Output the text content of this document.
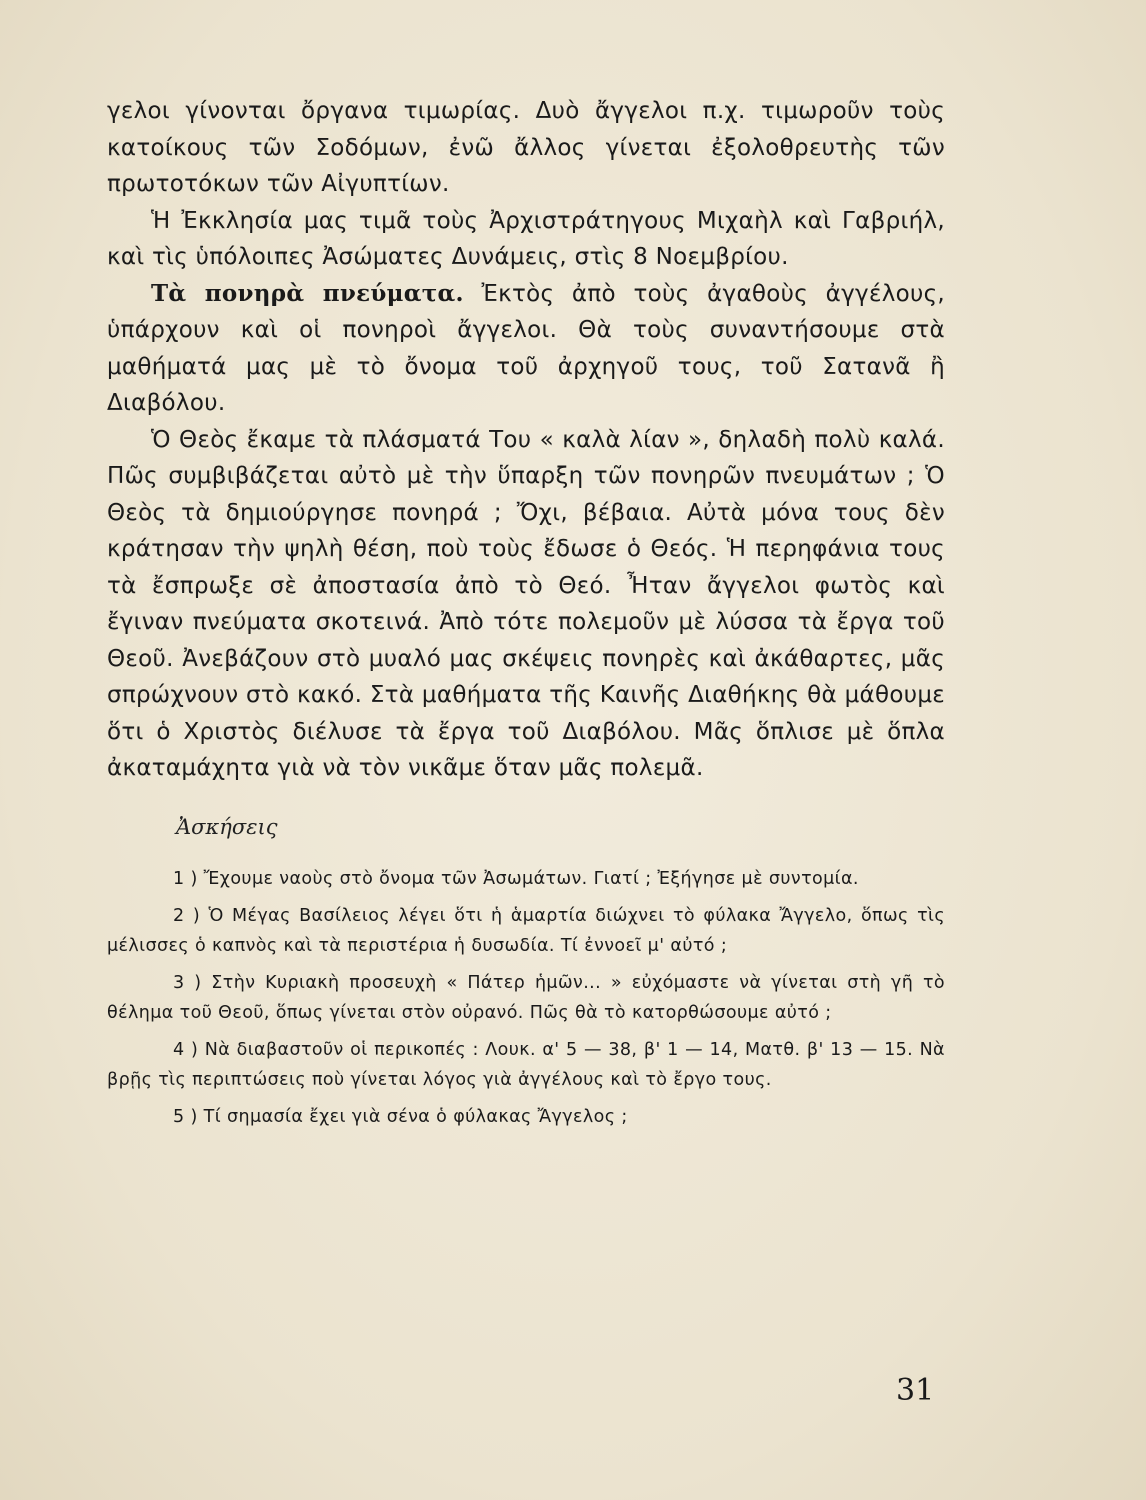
γελοι γίνονται ὄργανα τιμωρίας. Δυὸ ἄγγελοι π.χ. τιμωροῦν τοὺς κατοίκους τῶν Σοδόμων, ἐνῶ ἄλλος γίνεται ἐξολοθρευτὴς τῶν πρωτοτόκων τῶν Αἰγυπτίων.

Ἡ Ἐκκλησία μας τιμᾶ τοὺς Ἀρχιστράτηγους Μιχαὴλ καὶ Γαβριήλ, καὶ τὶς ὑπόλοιπες Ἀσώματες Δυνάμεις, στὶς 8 Νοεμβρίου.

Τὰ πονηρὰ πνεύματα. Ἐκτὸς ἀπὸ τοὺς ἀγαθοὺς ἀγγέλους, ὑπάρχουν καὶ οἱ πονηροὶ ἄγγελοι. Θὰ τοὺς συναντήσουμε στὰ μαθήματά μας μὲ τὸ ὄνομα τοῦ ἀρχηγοῦ τους, τοῦ Σατανᾶ ἢ Διαβόλου.

Ὁ Θεὸς ἔκαμε τὰ πλάσματά Του « καλὰ λίαν », δηλαδὴ πολὺ καλά. Πῶς συμβιβάζεται αὐτὸ μὲ τὴν ὕπαρξη τῶν πονηρῶν πνευμάτων ; Ὁ Θεὸς τὰ δημιούργησε πονηρά ; Ὄχι, βέβαια. Αὐτὰ μόνα τους δὲν κράτησαν τὴν ψηλὴ θέση, ποὺ τοὺς ἔδωσε ὁ Θεός. Ἡ περηφάνια τους τὰ ἔσπρωξε σὲ ἀποστασία ἀπὸ τὸ Θεό. Ἦταν ἄγγελοι φωτὸς καὶ ἔγιναν πνεύματα σκοτεινά. Ἀπὸ τότε πολεμοῦν μὲ λύσσα τὰ ἔργα τοῦ Θεοῦ. Ἀνεβάζουν στὸ μυαλό μας σκέψεις πονηρὲς καὶ ἀκάθαρτες, μᾶς σπρώχνουν στὸ κακό. Στὰ μαθήματα τῆς Καινῆς Διαθήκης θὰ μάθουμε ὅτι ὁ Χριστὸς διέλυσε τὰ ἔργα τοῦ Διαβόλου. Μᾶς ὅπλισε μὲ ὅπλα ἀκαταμάχητα γιὰ νὰ τὸν νικᾶμε ὅταν μᾶς πολεμᾶ.

Ἀσκήσεις

1 ) Ἔχουμε ναοὺς στὸ ὄνομα τῶν Ἀσωμάτων. Γιατί ; Ἐξήγησε μὲ συντομία.

2 ) Ὁ Μέγας Βασίλειος λέγει ὅτι ἡ ἁμαρτία διώχνει τὸ φύλακα Ἄγγελο, ὅπως τὶς μέλισσες ὁ καπνὸς καὶ τὰ περιστέρια ἡ δυσωδία. Τί ἐννοεῖ μ' αὐτό ;

3 ) Στὴν Κυριακὴ προσευχὴ « Πάτερ ἡμῶν... » εὐχόμαστε νὰ γίνεται στὴ γῆ τὸ θέλημα τοῦ Θεοῦ, ὅπως γίνεται στὸν οὐρανό. Πῶς θὰ τὸ κατορθώσουμε αὐτό ;

4 ) Νὰ διαβαστοῦν οἱ περικοπές : Λουκ. α' 5 — 38, β' 1 — 14, Ματθ. β' 13 — 15. Νὰ βρῇς τὶς περιπτώσεις ποὺ γίνεται λόγος γιὰ ἀγγέλους καὶ τὸ ἔργο τους.

5 ) Τί σημασία ἔχει γιὰ σένα ὁ φύλακας Ἄγγελος ;

31
